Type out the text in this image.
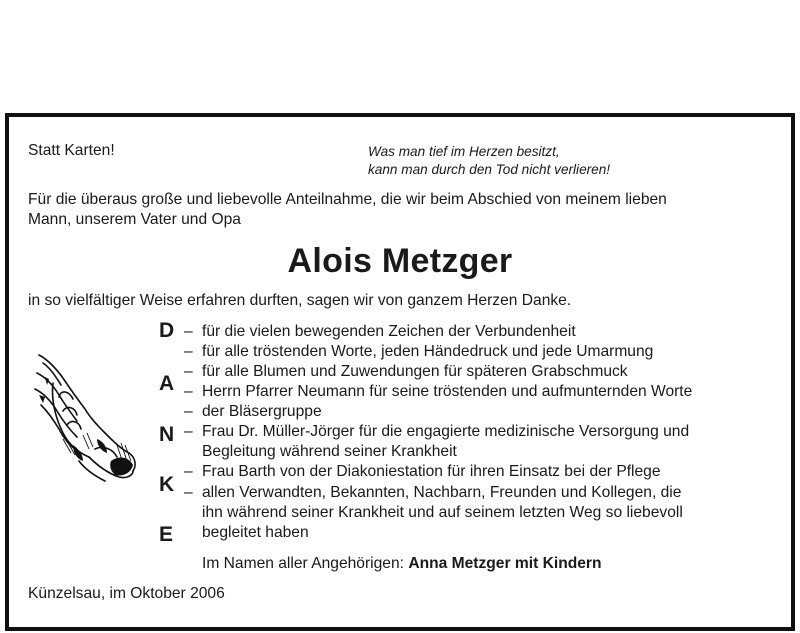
Statt Karten!	Was man tief im Herzen besitzt,
kann man durch den Tod nicht verlieren!
Für die überaus große und liebevolle Anteilnahme, die wir beim Abschied von meinem lieben
Mann, unserem Vater und Opa
Alois Metzger
in so vielfältiger Weise erfahren durften, sagen wir von ganzem Herzen Danke.
D
A
N
K
E
–
–
–
–
–
–
–
–
für die vielen bewegenden Zeichen der Verbundenheit
für alle tröstenden Worte, jeden Händedruck und jede Umarmung
für alle Blumen und Zuwendungen für späteren Grabschmuck
Herrn Pfarrer Neumann für seine tröstenden und aufmunternden Worte
der Bläsergruppe
Frau Dr. Müller-Jörger für die engagierte medizinische Versorgung und
Begleitung während seiner Krankheit
Frau Barth von der Diakoniestation für ihren Einsatz bei der Pflege
allen Verwandten, Bekannten, Nachbarn, Freunden und Kollegen, die
ihn während seiner Krankheit und auf seinem letzten Weg so liebevoll
begleitet haben
Im Namen aller Angehörigen: Anna Metzger mit Kindern
Künzelsau, im Oktober 2006
